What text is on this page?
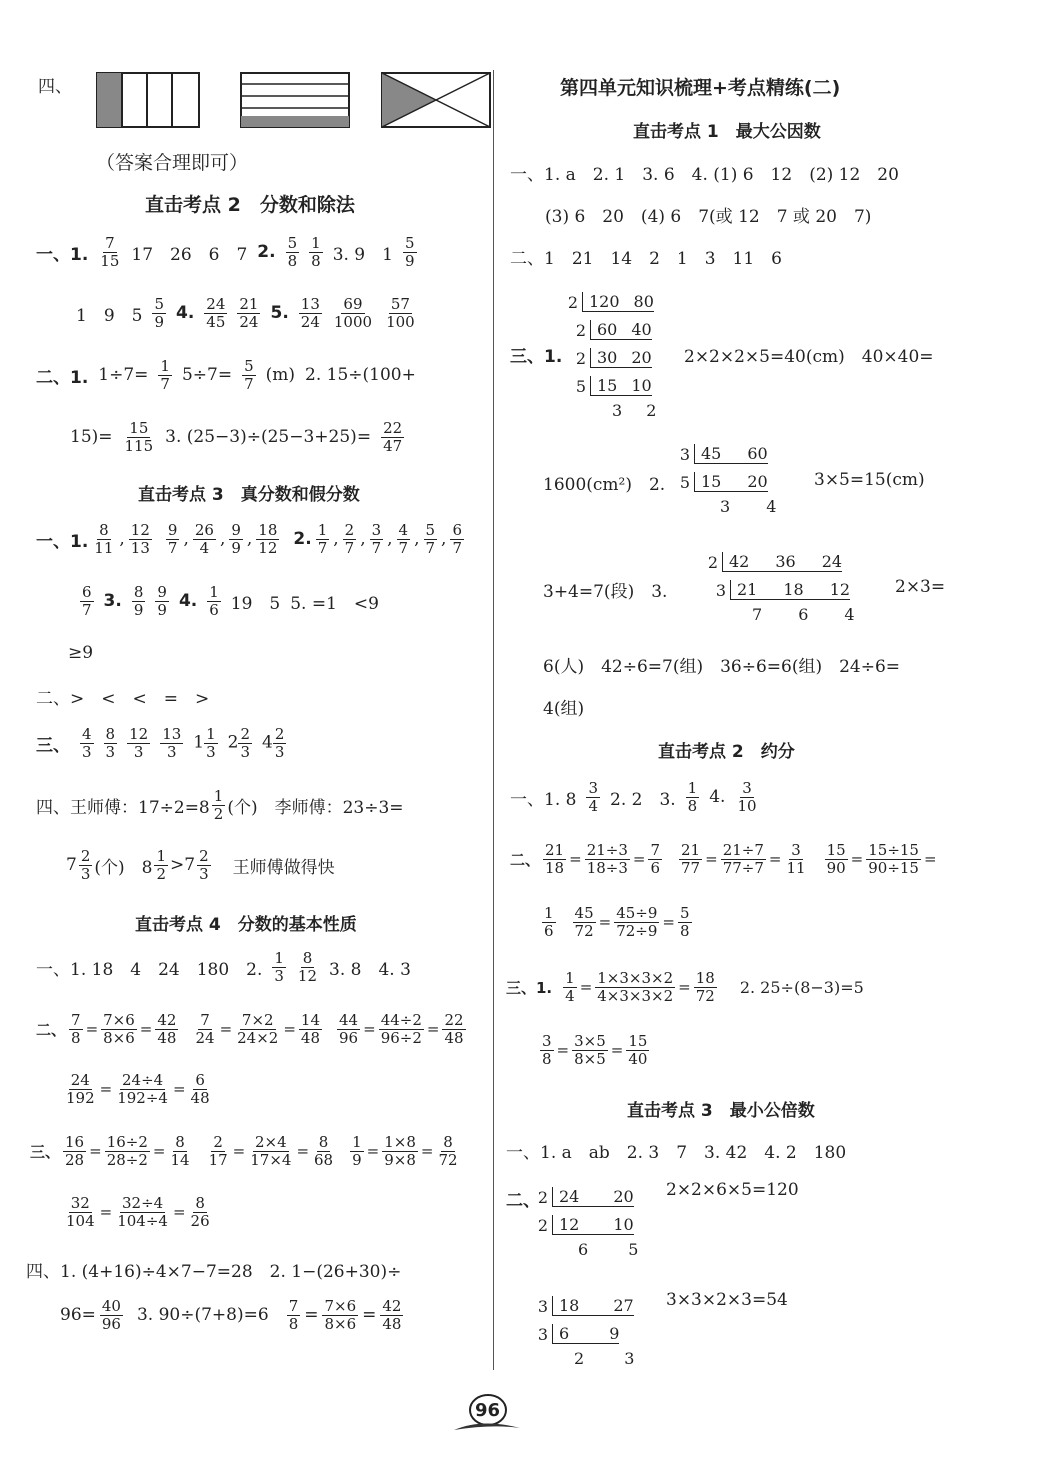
四、
（答案合理即可）
直击考点 2　分数和除法
一、1. $\frac{7}{15} 17$　26　6　7 2. $\frac{5}{8} \frac{1}{8} 3$. 9　$1 \frac{5}{9}$
1　9　$5 \frac{5}{9} 4$. $\frac{24}{45} \frac{21}{24} 5$. $\frac{13}{24} \frac{69}{1000} \frac{57}{100}$
二、1. $1\div 7= \frac{1}{7} 5\div 7= \frac{5}{7} (m)$ 2. 15÷(100+
$15)= \frac{15}{115} 3$. $(25-3)\div(25-3+25)= \frac{22}{47}$
直击考点 3　真分数和假分数
一、1. $\frac{8}{11}$ , $\frac{12}{13} \frac{9}{7}$ , $\frac{26}{4}$ , $\frac{9}{9}$ , $\frac{18}{12} 2$. $\frac{1}{7}$ , $\frac{2}{7}$ , $\frac{3}{7}$ , $\frac{4}{7}$ , $\frac{5}{7}$ , $\frac{6}{7}$
$\frac{6}{7} 3$. $\frac{8}{9} \frac{9}{9} 4$. $\frac{1}{6} 19$　5 5. =1　<9
≥9
二、>　<　<　=　>
三、 $\frac{4}{3} \frac{8}{3} \frac{12}{3} \frac{13}{3} 1 \frac{1}{3} 2 \frac{2}{3} 4 \frac{2}{3}$
四、王师傅：$17\div 2=8 \frac{1}{2}$ (个)　李师傅：23÷3=
$7 \frac{2}{3}$ (个)　$8 \frac{1}{2} >7 \frac{2}{3}$ 王师傅做得快
直击考点 4　分数的基本性质
一、1. 18　4　24　180　2. $\frac{1}{3} \frac{8}{12} 3$. 8　4. 3
二、 $\frac{7}{8} = \frac{7\times 6}{8\times 6} = \frac{42}{48} \frac{7}{24} = \frac{7\times 2}{24\times 2} = \frac{14}{48} \frac{44}{96} = \frac{44\div 2}{96\div 2} = \frac{22}{48}$
$\frac{24}{192} = \frac{24\div 4}{192\div 4} = \frac{6}{48}$
三、 $\frac{16}{28} = \frac{16\div 2}{28\div 2} = \frac{8}{14} \frac{2}{17} = \frac{2\times 4}{17\times 4} = \frac{8}{68} \frac{1}{9} = \frac{1\times 8}{9\times 8} = \frac{8}{72}$
$\frac{32}{104} = \frac{32\div 4}{104\div 4} = \frac{8}{26}$
四、1. (4+16)÷4×7−7=28　2. 1−(26+30)÷
$96= \frac{40}{96} 3$. $90\div(7+8)=6 \frac{7}{8} = \frac{7\times 6}{8\times 6} = \frac{42}{48}$
第四单元知识梳理+考点精练(二)
直击考点 1　最大公因数
一、1. a　2. 1　3. 6　4. (1) 6　12　(2) 12　20
(3) 6　20　(4) 6　7(或 12　7 或 20　7)
二、1　21　14　2　1　3　11　6
2 120 80
2 60 40
2 30 20
5 15 10
3 2
三、1.	2×2×2×5=40(cm)　40×40=
3 45 60
5 15 20
3 4
1600(cm²)　2.	3×5=15(cm)
2 42 36 24
3 21 18 12
7 6 4
3+4=7(段)　3.	2×3=
6(人)　42÷6=7(组)　36÷6=6(组)　24÷6=
4(组)
直击考点 2　约分
一、1. $8 \frac{3}{4} 2$. 2　3. $\frac{1}{8} 4$. $\frac{3}{10}$
二、 $\frac{21}{18} = \frac{21\div 3}{18\div 3} = \frac{7}{6} \frac{21}{77} = \frac{21\div 7}{77\div 7} = \frac{3}{11} \frac{15}{90} = \frac{15\div 15}{90\div 15}$ =
$\frac{1}{6} \frac{45}{72} = \frac{45\div 9}{72\div 9} = \frac{5}{8}$
三、1. $\frac{1}{4} = \frac{1\times 3\times 3\times 2}{4\times 3\times 3\times 2} = \frac{18}{72} 2$. 25÷(8−3)=5
$\frac{3}{8} = \frac{3\times 5}{8\times 5} = \frac{15}{40}$
直击考点 3　最小公倍数
一、1. a　ab　2. 3　7　3. 42　4. 2　180
二、
2 24 20
2 12 10
6	5
2×2×6×5=120
3 18 27
3 6	9
2	3
3×3×2×3=54
96
